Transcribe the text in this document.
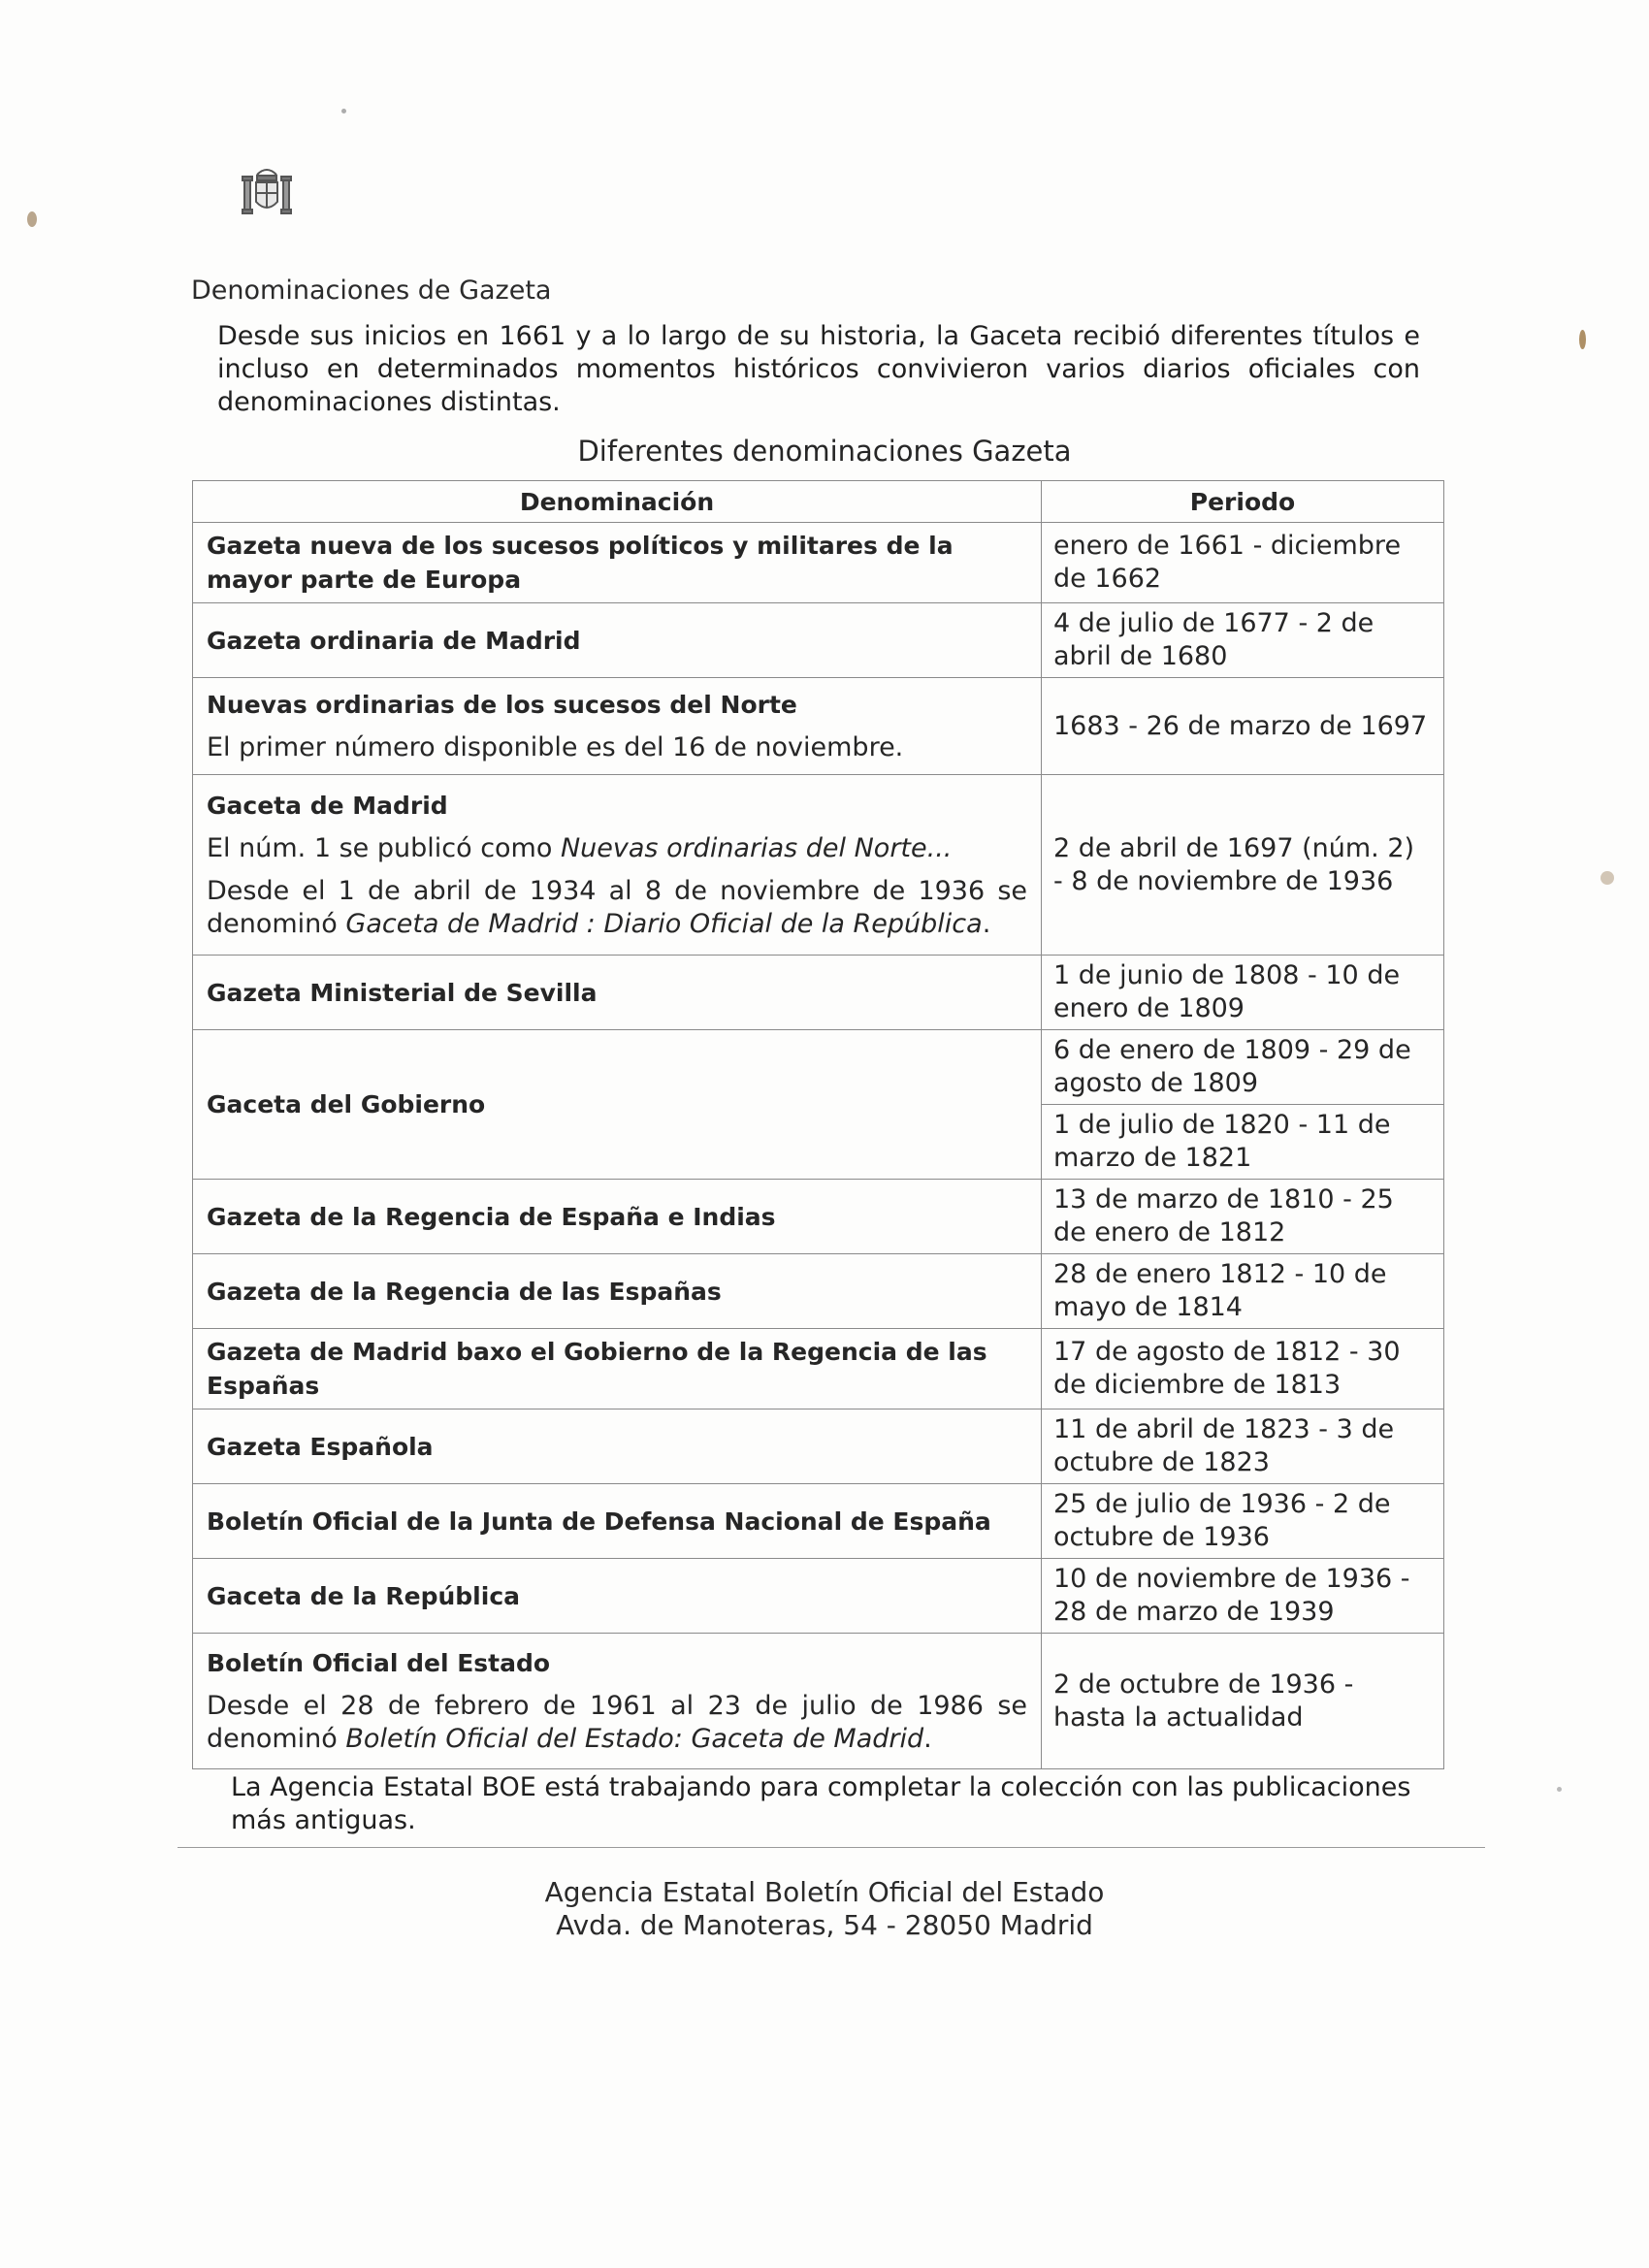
Denominaciones de Gazeta

Desde sus inicios en 1661 y a lo largo de su historia, la Gaceta recibió diferentes títulos e incluso en determinados momentos históricos convivieron varios diarios oficiales con denominaciones distintas.

Diferentes denominaciones Gazeta
Denominación	Periodo
Gazeta nueva de los sucesos políticos y militares de la mayor parte de Europa	enero de 1661 - diciembre de 1662
Gazeta ordinaria de Madrid	4 de julio de 1677 - 2 de abril de 1680

Nuevas ordinarias de los sucesos del Norte
El primer número disponible es del 16 de noviembre.	1683 - 26 de marzo de 1697

Gaceta de Madrid
El núm. 1 se publicó como Nuevas ordinarias del Norte...
Desde el 1 de abril de 1934 al 8 de noviembre de 1936 se denominó Gaceta de Madrid : Diario Oficial de la República.	2 de abril de 1697 (núm. 2) - 8 de noviembre de 1936
Gazeta Ministerial de Sevilla	1 de junio de 1808 - 10 de enero de 1809
Gaceta del Gobierno	6 de enero de 1809 - 29 de agosto de 1809
	1 de julio de 1820 - 11 de marzo de 1821
Gazeta de la Regencia de España e Indias	13 de marzo de 1810 - 25 de enero de 1812
Gazeta de la Regencia de las Españas	28 de enero 1812 - 10 de mayo de 1814
Gazeta de Madrid baxo el Gobierno de la Regencia de las Españas	17 de agosto de 1812 - 30 de diciembre de 1813
Gazeta Española	11 de abril de 1823 - 3 de octubre de 1823
Boletín Oficial de la Junta de Defensa Nacional de España	25 de julio de 1936 - 2 de octubre de 1936
Gaceta de la República	10 de noviembre de 1936 - 28 de marzo de 1939

Boletín Oficial del Estado
Desde el 28 de febrero de 1961 al 23 de julio de 1986 se denominó Boletín Oficial del Estado: Gaceta de Madrid.	2 de octubre de 1936 - hasta la actualidad

La Agencia Estatal BOE está trabajando para completar la colección con las publicaciones más antiguas.

Agencia Estatal Boletín Oficial del Estado
Avda. de Manoteras, 54 - 28050 Madrid
